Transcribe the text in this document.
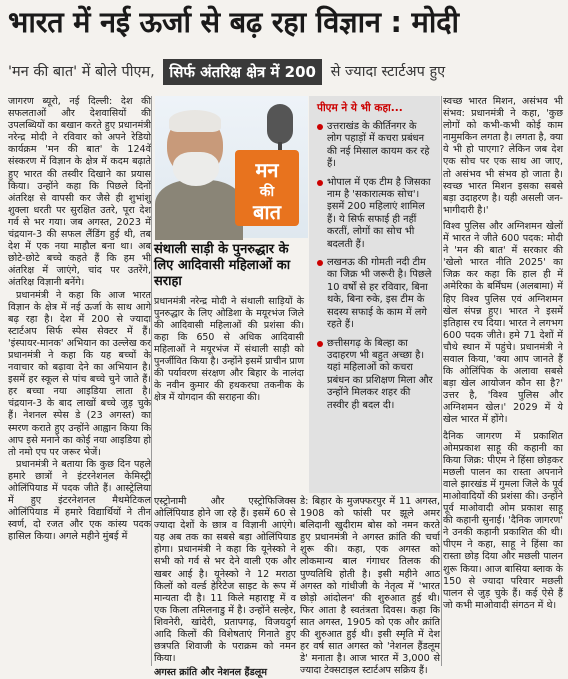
भारत में नई ऊर्जा से बढ़ रहा विज्ञान : मोदी
'मन की बात' में बोले पीएम, सिर्फ अंतरिक्ष क्षेत्र में 200 से ज्यादा स्टार्टअप हुए

जागरण ब्यूरो, नई दिल्ली: देश की सफलताओं और देशवासियों की उपलब्धियों का बखान करते हुए प्रधानमंत्री नरेन्द्र मोदी ने रविवार को अपने रेडियो कार्यक्रम 'मन की बात' के 124वें संस्करण में विज्ञान के क्षेत्र में कदम बढ़ाते हुए भारत की तस्वीर दिखाने का प्रयास किया। उन्होंने कहा कि पिछले दिनों अंतरिक्ष से वापसी कर जैसे ही शुभांशु शुक्ला धरती पर सुरक्षित उतरे, पूरा देश गर्व से भर गया। जब अगस्त, 2023 में चंद्रयान-3 की सफल लैंडिंग हुई थी, तब देश में एक नया माहौल बना था। अब छोटे-छोटे बच्चे कहते हैं कि हम भी अंतरिक्ष में जाएंगे, चांद पर उतरेंगे, अंतरिक्ष विज्ञानी बनेंगे।

प्रधानमंत्री ने कहा कि आज भारत विज्ञान के क्षेत्र में नई ऊर्जा के साथ आगे बढ़ रहा है। देश में 200 से ज्यादा स्टार्टअप सिर्फ स्पेस सेक्टर में हैं। 'इंस्पायर-मानक' अभियान का उल्लेख कर प्रधानमंत्री ने कहा कि यह बच्चों के नवाचार को बढ़ावा देने का अभियान है। इसमें हर स्कूल से पांच बच्चे चुने जाते हैं। हर बच्चा नया आइडिया लाता है। चंद्रयान-3 के बाद लाखों बच्चे जुड़ चुके हैं। नेशनल स्पेस डे (23 अगस्त) का स्मरण कराते हुए उन्होंने आह्वान किया कि आप इसे मनाने का कोई नया आइडिया हो तो नमो एप पर जरूर भेजें।

प्रधानमंत्री ने बताया कि कुछ दिन पहले हमारे छात्रों ने इंटरनेशनल केमिस्ट्री ओलिंपियाड में पदक जीते हैं। आस्ट्रेलिया में हुए इंटरनेशनल मैथमेटिकल ओलिंपियाड में हमारे विद्यार्थियों ने तीन स्वर्ण, दो रजत और एक कांस्य पदक हासिल किया। अगले महीने मुंबई में

मन
की
बात
संथाली साड़ी के पुनरुद्धार के लिए आदिवासी महिलाओं का सराहा

प्रधानमंत्री नरेन्द्र मोदी ने संथाली साड़ियों के पुनरुद्धार के लिए ओडिशा के मयूरभंज जिले की आदिवासी महिलाओं की प्रशंसा की। कहा कि 650 से अधिक आदिवासी महिलाओं ने मयूरभंज में संथाली साड़ी को पुनर्जीवित किया है। उन्होंने इसमें प्राचीन प्राण की पर्यावरण संरक्षण और बिहार के नालंदा के नवीन कुमार की हथकरघा तकनीक के क्षेत्र में योगदान की सराहना की।

पीएम ने ये भी कहा...
उत्तराखंड के कीर्तिनगर के लोग पहाड़ों में कचरा प्रबंधन की नई मिसाल कायम कर रहे हैं।
भोपाल में एक टीम है जिसका नाम है 'सकारात्मक सोच'। इसमें 200 महिलाएं शामिल हैं। ये सिर्फ सफाई ही नहीं करतीं, लोगों का सोच भी बदलती हैं।
लखनऊ की गोमती नदी टीम का जिक्र भी जरूरी है। पिछले 10 वर्षों से हर रविवार, बिना थके, बिना रुके, इस टीम के सदस्य सफाई के काम में लगे रहते हैं।
छत्तीसगढ़ के बिल्हा का उदाहरण भी बहुत अच्छा है। यहां महिलाओं को कचरा प्रबंधन का प्रशिक्षण मिला और उन्होंने मिलकर शहर की तस्वीर ही बदल दी।

एस्ट्रोनामी और एस्ट्रोफिजिक्स ओलिंपियाड होने जा रहे हैं। इसमें 60 से ज्यादा देशों के छात्र व विज्ञानी आएंगे। यह अब तक का सबसे बड़ा ओलिंपियाड होगा। प्रधानमंत्री ने कहा कि यूनेस्को ने सभी को गर्व से भर देने वाली एक और खबर आई है। यूनेस्को ने 12 मराठा किलों को वर्ल्ड हेरिटेज साइट के रूप में मान्यता दी है। 11 किले महाराष्ट्र में व एक किला तमिलनाडु में है। उन्होंने सल्हेर, शिवनेरी, खांदेरी, प्रतापगढ़, विजयदुर्ग आदि किलों की विशेषताएं गिनाते हुए छत्रपति शिवाजी के पराक्रम को नमन किया।

अगस्त क्रांति और नेशनल हैंडलूम

डे: बिहार के मुजफ्फरपुर में 11 अगस्त, 1908 को फांसी पर झूले अमर बलिदानी खुदीराम बोस को नमन करते हुए प्रधानमंत्री ने अगस्त क्रांति की चर्चा शुरू की। कहा, एक अगस्त को लोकमान्य बाल गंगाधर तिलक की पुण्यतिथि होती है। इसी महीने आठ अगस्त को गांधीजी के नेतृत्व में 'भारत छोड़ो आंदोलन' की शुरुआत हुई थी। फिर आता है स्वतंत्रता दिवस। कहा कि सात अगस्त, 1905 को एक और क्रांति की शुरुआत हुई थी। इसी स्मृति में देश हर वर्ष सात अगस्त को 'नेशनल हैंडलूम डे' मनाता है। आज भारत में 3,000 से ज्यादा टेक्सटाइल स्टार्टअप सक्रिय हैं।

स्वच्छ भारत मिशन, असंभव भी संभव: प्रधानमंत्री ने कहा, 'कुछ लोगों को कभी-कभी कोई काम नामुमकिन लगता है। लगता है, क्या ये भी हो पाएगा? लेकिन जब देश एक सोच पर एक साथ आ जाए, तो असंभव भी संभव हो जाता है। स्वच्छ भारत मिशन इसका सबसे बड़ा उदाहरण है। यही असली जन-भागीदारी है।'

विश्व पुलिस और अग्निशमन खेलों में भारत ने जीते 600 पदक: मोदी ने 'मन की बात' में सरकार की 'खेलो भारत नीति 2025' का जिक्र कर कहा कि हाल ही में अमेरिका के बर्मिंघम (अलबामा) में हिए विश्व पुलिस एवं अग्निशमन खेल संपन्न हुए। भारत ने इसमें इतिहास रच दिया। भारत ने लगभग 600 पदक जीते। हमे 71 देशों में चौथे स्थान में पहुंचे। प्रधानमंत्री ने सवाल किया, 'क्या आप जानते हैं कि ओलिंपिक के अलावा सबसे बड़ा खेल आयोजन कौन सा है?' उत्तर है, 'विश्व पुलिस और अग्निशमन खेल।' 2029 में ये खेल भारत में होंगे।

दैनिक जागरण में प्रकाशित ओमप्रकाश साहू की कहानी का किया जिक्र: पीएम ने हिंसा छोड़कर मछली पालन का रास्ता अपनाने वाले झारखंड में गुमला जिले के पूर्व माओवादियों की प्रशंसा की। उन्होंने पूर्व माओवादी ओम प्रकाश साहू की कहानी सुनाई। 'दैनिक जागरण' ने उनकी कहानी प्रकाशित की थी। पीएम ने कहा, साहू ने हिंसा का रास्ता छोड़ दिया और मछली पालन शुरू किया। आज बासिया ब्लाक के 150 से ज्यादा परिवार मछली पालन से जुड़ चुके हैं। कई ऐसे हैं जो कभी माओवादी संगठन में थे।
